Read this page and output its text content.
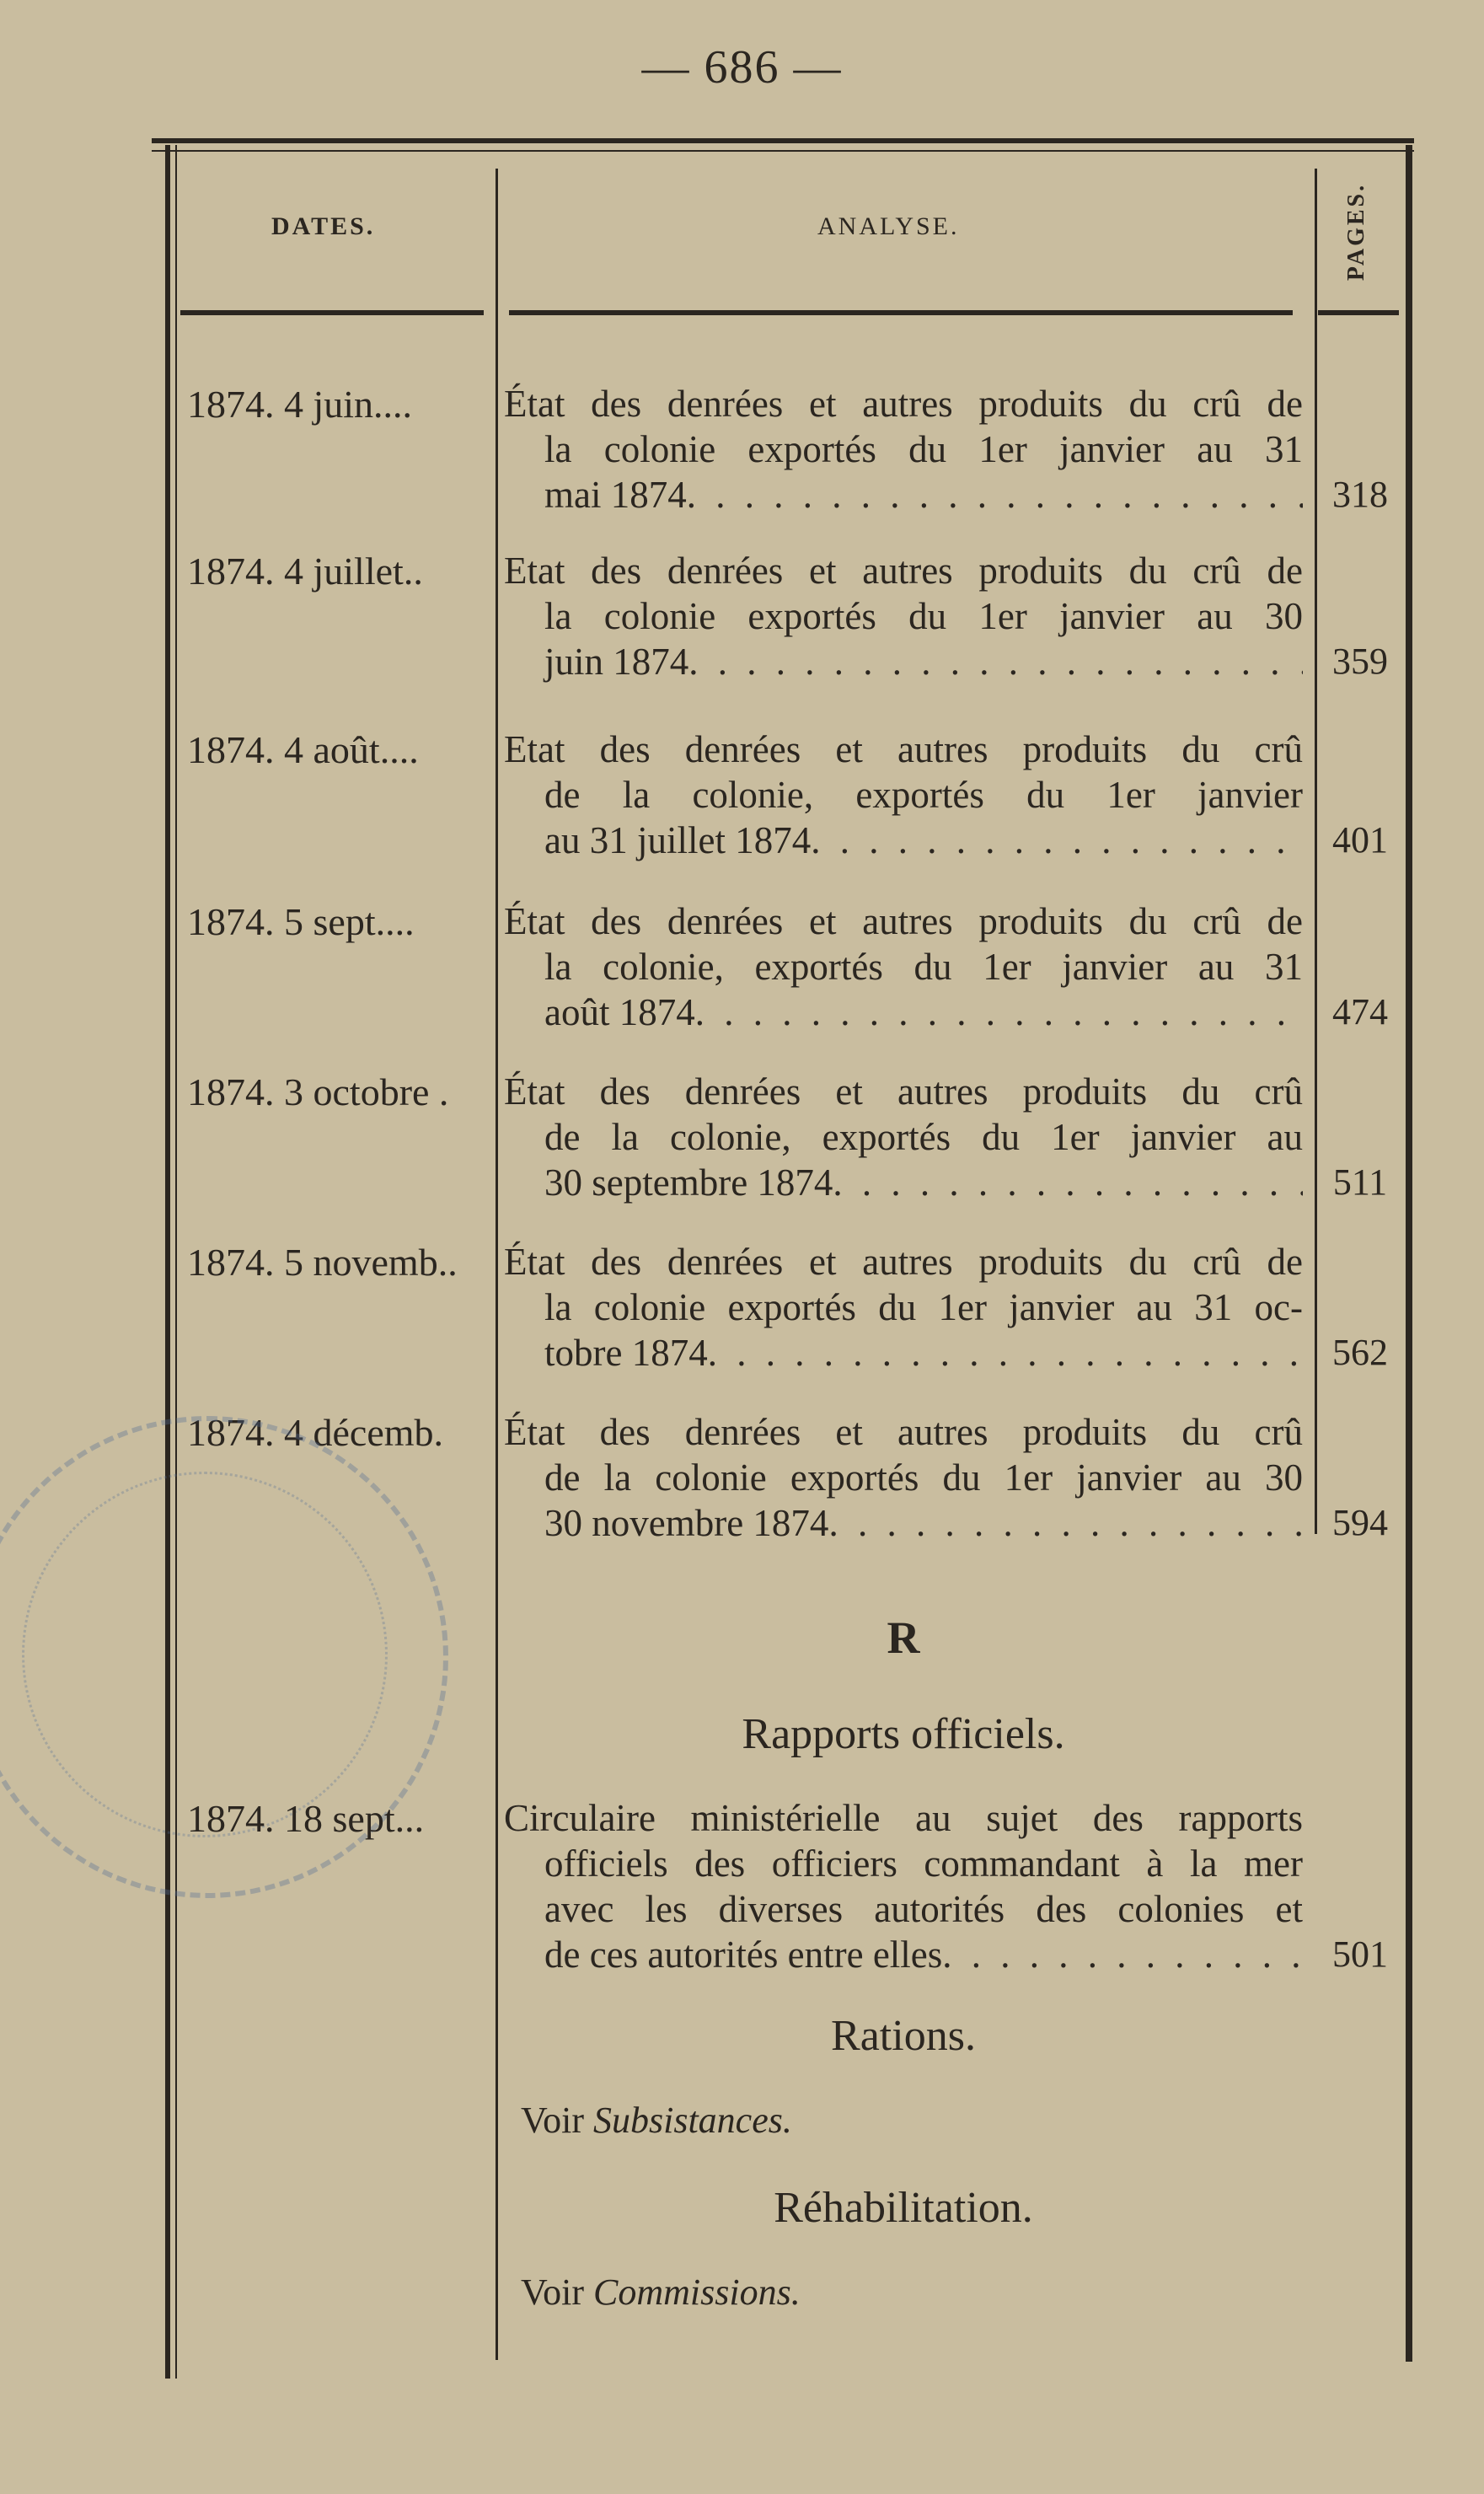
— 686 —
DATES.	ANALYSE.	PAGES.
1874. 4 juin....	État des denrées et autres produits du crû de
la colonie exportés du 1er janvier au 31
mai 1874 . . .	318
1874. 4 juillet..	Etat des denrées et autres produits du crû de
la colonie exportés du 1er janvier au 30
juin 1874 . . .	359
1874. 4 août....	Etat des denrées et autres produits du crû
de la colonie, exportés du 1er janvier
au 31 juillet 1874 . . .	401
1874. 5 sept....	État des denrées et autres produits du crû de
la colonie, exportés du 1er janvier au 31
août 1874 . . .	474
1874. 3 octobre .	État des denrées et autres produits du crû
de la colonie, exportés du 1er janvier au
30 septembre 1874 . . .	511
1874. 5 novemb..	État des denrées et autres produits du crû de
la colonie exportés du 1er janvier au 31 oc-
tobre 1874 . . .	562
1874. 4 décemb.	État des denrées et autres produits du crû
de la colonie exportés du 1er janvier au 30
30 novembre 1874 . . .	594
R
Rapports officiels.
1874. 18 sept...	Circulaire ministérielle au sujet des rapports
officiels des officiers commandant à la mer
avec les diverses autorités des colonies et
de ces autorités entre elles . . .	501
Rations.
Voir Subsistances.
Réhabilitation.
Voir Commissions.
